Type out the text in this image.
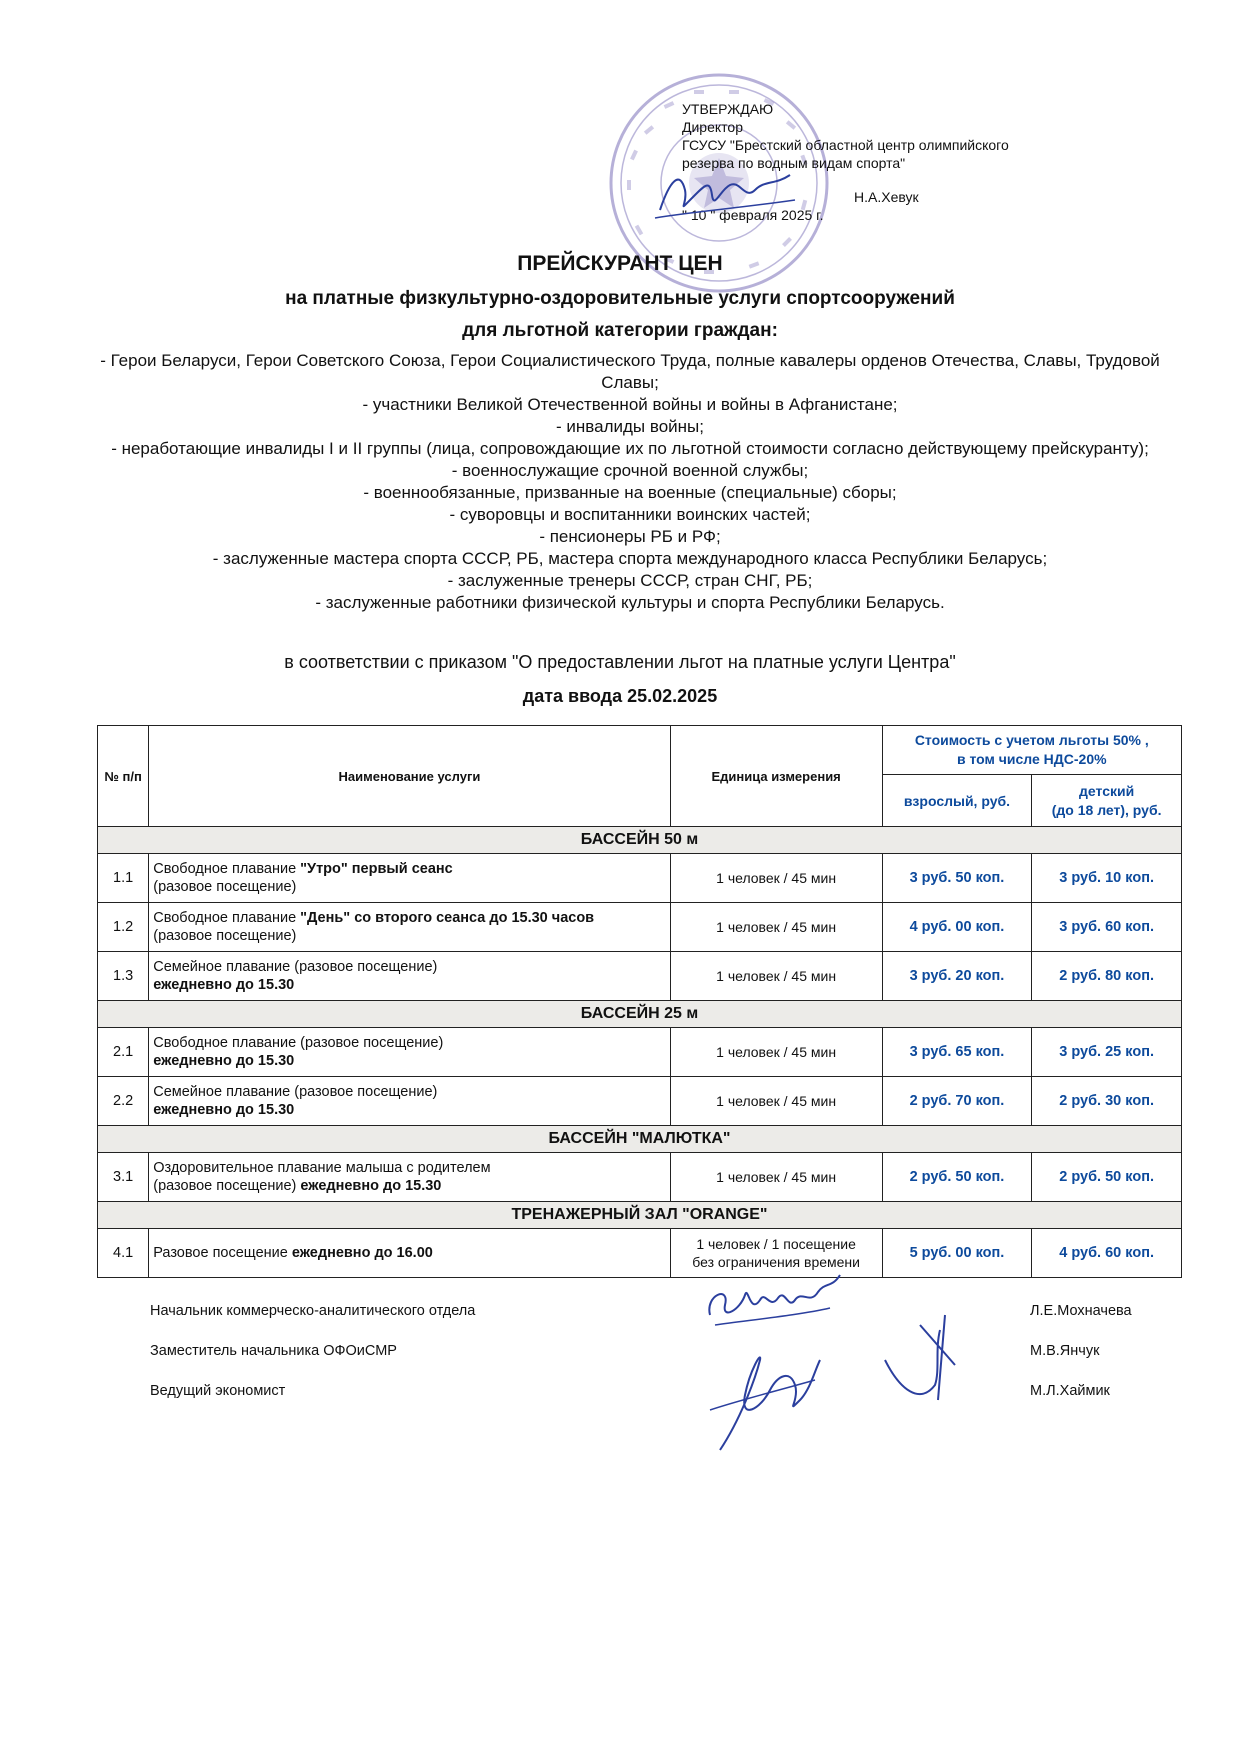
УТВЕРЖДАЮ
Директор
ГСУСУ "Брестский областной центр олимпийского
резерва по водным видам спорта"
Н.А.Хевук
" 10 " февраля 2025 г.
ПРЕЙСКУРАНТ ЦЕН
на платные физкультурно-оздоровительные услуги спортсооружений
для льготной категории граждан:
- Герои Беларуси, Герои Советского Союза, Герои Социалистического Труда, полные кавалеры орденов Отечества, Славы, Трудовой Славы;
- участники Великой Отечественной войны и войны в Афганистане;
- инвалиды войны;
- неработающие инвалиды I и II группы (лица, сопровождающие их по льготной стоимости согласно действующему прейскуранту);
- военнослужащие срочной военной службы;
- военнообязанные, призванные на военные (специальные) сборы;
- суворовцы и воспитанники воинских частей;
- пенсионеры РБ и РФ;
- заслуженные мастера спорта СССР, РБ, мастера спорта международного класса Республики Беларусь;
- заслуженные тренеры СССР, стран СНГ, РБ;
- заслуженные работники физической культуры и спорта Республики Беларусь.
в соответствии с приказом "О предоставлении льгот на платные услуги Центра"
дата ввода 25.02.2025
№ п/п	Наименование услуги	Единица измерения	Стоимость с учетом льготы 50% ,
в том числе НДС-20%	

			взрослый, руб.	детский
(до 18 лет), руб.

БАССЕЙН 50 м				
1.1	Свободное плавание "Утро" первый сеанс
(разовое посещение)	1 человек / 45 мин	3 руб. 50 коп.	3 руб. 10 коп.
1.2	Свободное плавание "День" со второго сеанса до 15.30 часов
(разовое посещение)	1 человек / 45 мин	4 руб. 00 коп.	3 руб. 60 коп.
1.3	Семейное плавание (разовое посещение)
ежедневно до 15.30	1 человек / 45 мин	3 руб. 20 коп.	2 руб. 80 коп.
БАССЕЙН 25 м				
2.1	Свободное плавание (разовое посещение)
ежедневно до 15.30	1 человек / 45 мин	3 руб. 65 коп.	3 руб. 25 коп.
2.2	Семейное плавание (разовое посещение)
ежедневно до 15.30	1 человек / 45 мин	2 руб. 70 коп.	2 руб. 30 коп.
БАССЕЙН "МАЛЮТКА"				
3.1	Оздоровительное плавание малыша с родителем
(разовое посещение) ежедневно до 15.30	1 человек / 45 мин	2 руб. 50 коп.	2 руб. 50 коп.
ТРЕНАЖЕРНЫЙ ЗАЛ "ORANGE"				
4.1	Разовое посещение ежедневно до 16.00	1 человек / 1 посещение
без ограничения времени	5 руб. 00 коп.	4 руб. 60 коп.
Начальник коммерческо-аналитического отдела	Л.Е.Мохначева
Заместитель начальника ОФОиСМР	М.В.Янчук
Ведущий экономист	М.Л.Хаймик
